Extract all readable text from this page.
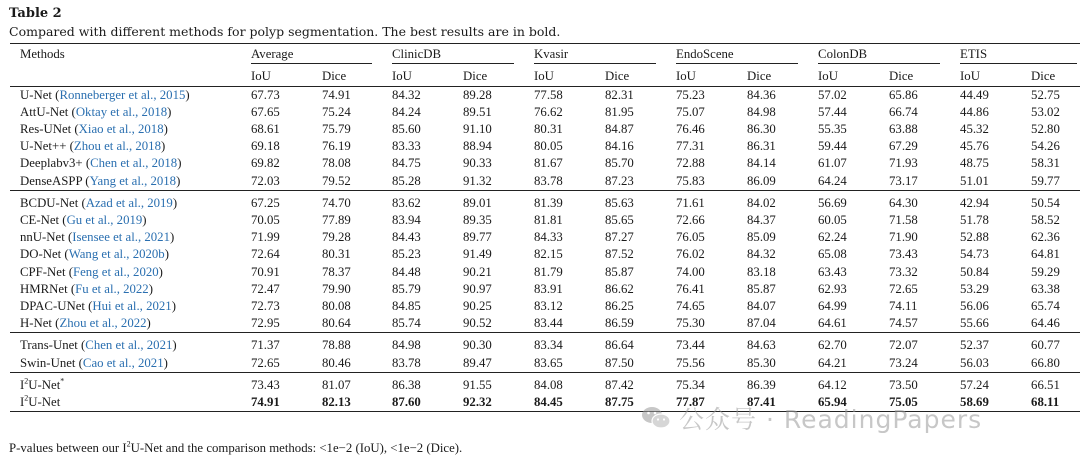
Table 2
Compared with different methods for polyp segmentation. The best results are in bold.
Methods	Average		ClinicDB		Kvasir		EndoScene		ColonDB		ETIS	

	IoU	Dice	IoU	Dice	IoU	Dice	IoU	Dice	IoU	Dice	IoU	Dice
U-Net (Ronneberger et al., 2015)	67.73	74.91	84.32	89.28	77.58	82.31	75.23	84.36	57.02	65.86	44.49	52.75
AttU-Net (Oktay et al., 2018)	67.65	75.24	84.24	89.51	76.62	81.95	75.07	84.98	57.44	66.74	44.86	53.02
Res-UNet (Xiao et al., 2018)	68.61	75.79	85.60	91.10	80.31	84.87	76.46	86.30	55.35	63.88	45.32	52.80
U-Net++ (Zhou et al., 2018)	69.18	76.19	83.33	88.94	80.05	84.16	77.31	86.31	59.44	67.29	45.76	54.26
Deeplabv3+ (Chen et al., 2018)	69.82	78.08	84.75	90.33	81.67	85.70	72.88	84.14	61.07	71.93	48.75	58.31
DenseASPP (Yang et al., 2018)	72.03	79.52	85.28	91.32	83.78	87.23	75.83	86.09	64.24	73.17	51.01	59.77

BCDU-Net (Azad et al., 2019)	67.25	74.70	83.62	89.01	81.39	85.63	71.61	84.02	56.69	64.30	42.94	50.54
CE-Net (Gu et al., 2019)	70.05	77.89	83.94	89.35	81.81	85.65	72.66	84.37	60.05	71.58	51.78	58.52
nnU-Net (Isensee et al., 2021)	71.99	79.28	84.43	89.77	84.33	87.27	76.05	85.09	62.24	71.90	52.88	62.36
DO-Net (Wang et al., 2020b)	72.64	80.31	85.23	91.49	82.15	87.52	76.02	84.32	65.08	73.43	54.73	64.81
CPF-Net (Feng et al., 2020)	70.91	78.37	84.48	90.21	81.79	85.87	74.00	83.18	63.43	73.32	50.84	59.29
HMRNet (Fu et al., 2022)	72.47	79.90	85.79	90.97	83.91	86.62	76.41	85.87	62.93	72.65	53.29	63.38
DPAC-UNet (Hui et al., 2021)	72.73	80.08	84.85	90.25	83.12	86.25	74.65	84.07	64.99	74.11	56.06	65.74
H-Net (Zhou et al., 2022)	72.95	80.64	85.74	90.52	83.44	86.59	75.30	87.04	64.61	74.57	55.66	64.46

Trans-Unet (Chen et al., 2021)	71.37	78.88	84.98	90.30	83.34	86.64	73.44	84.63	62.70	72.07	52.37	60.77
Swin-Unet (Cao et al., 2021)	72.65	80.46	83.78	89.47	83.65	87.50	75.56	85.30	64.21	73.24	56.03	66.80

$I^2U-Net^*$	73.43	81.07	86.38	91.55	84.08	87.42	75.34	86.39	64.12	73.50	57.24	66.51
$I^2U$-Net	74.91	82.13	87.60	92.32	84.45	87.75	77.87	87.41	65.94	75.05	58.69	68.11
P-values between our $I^2U$-Net and the comparison methods: <1e−2 (IoU), <1e−2 (Dice).
公众号 · ReadingPapers
